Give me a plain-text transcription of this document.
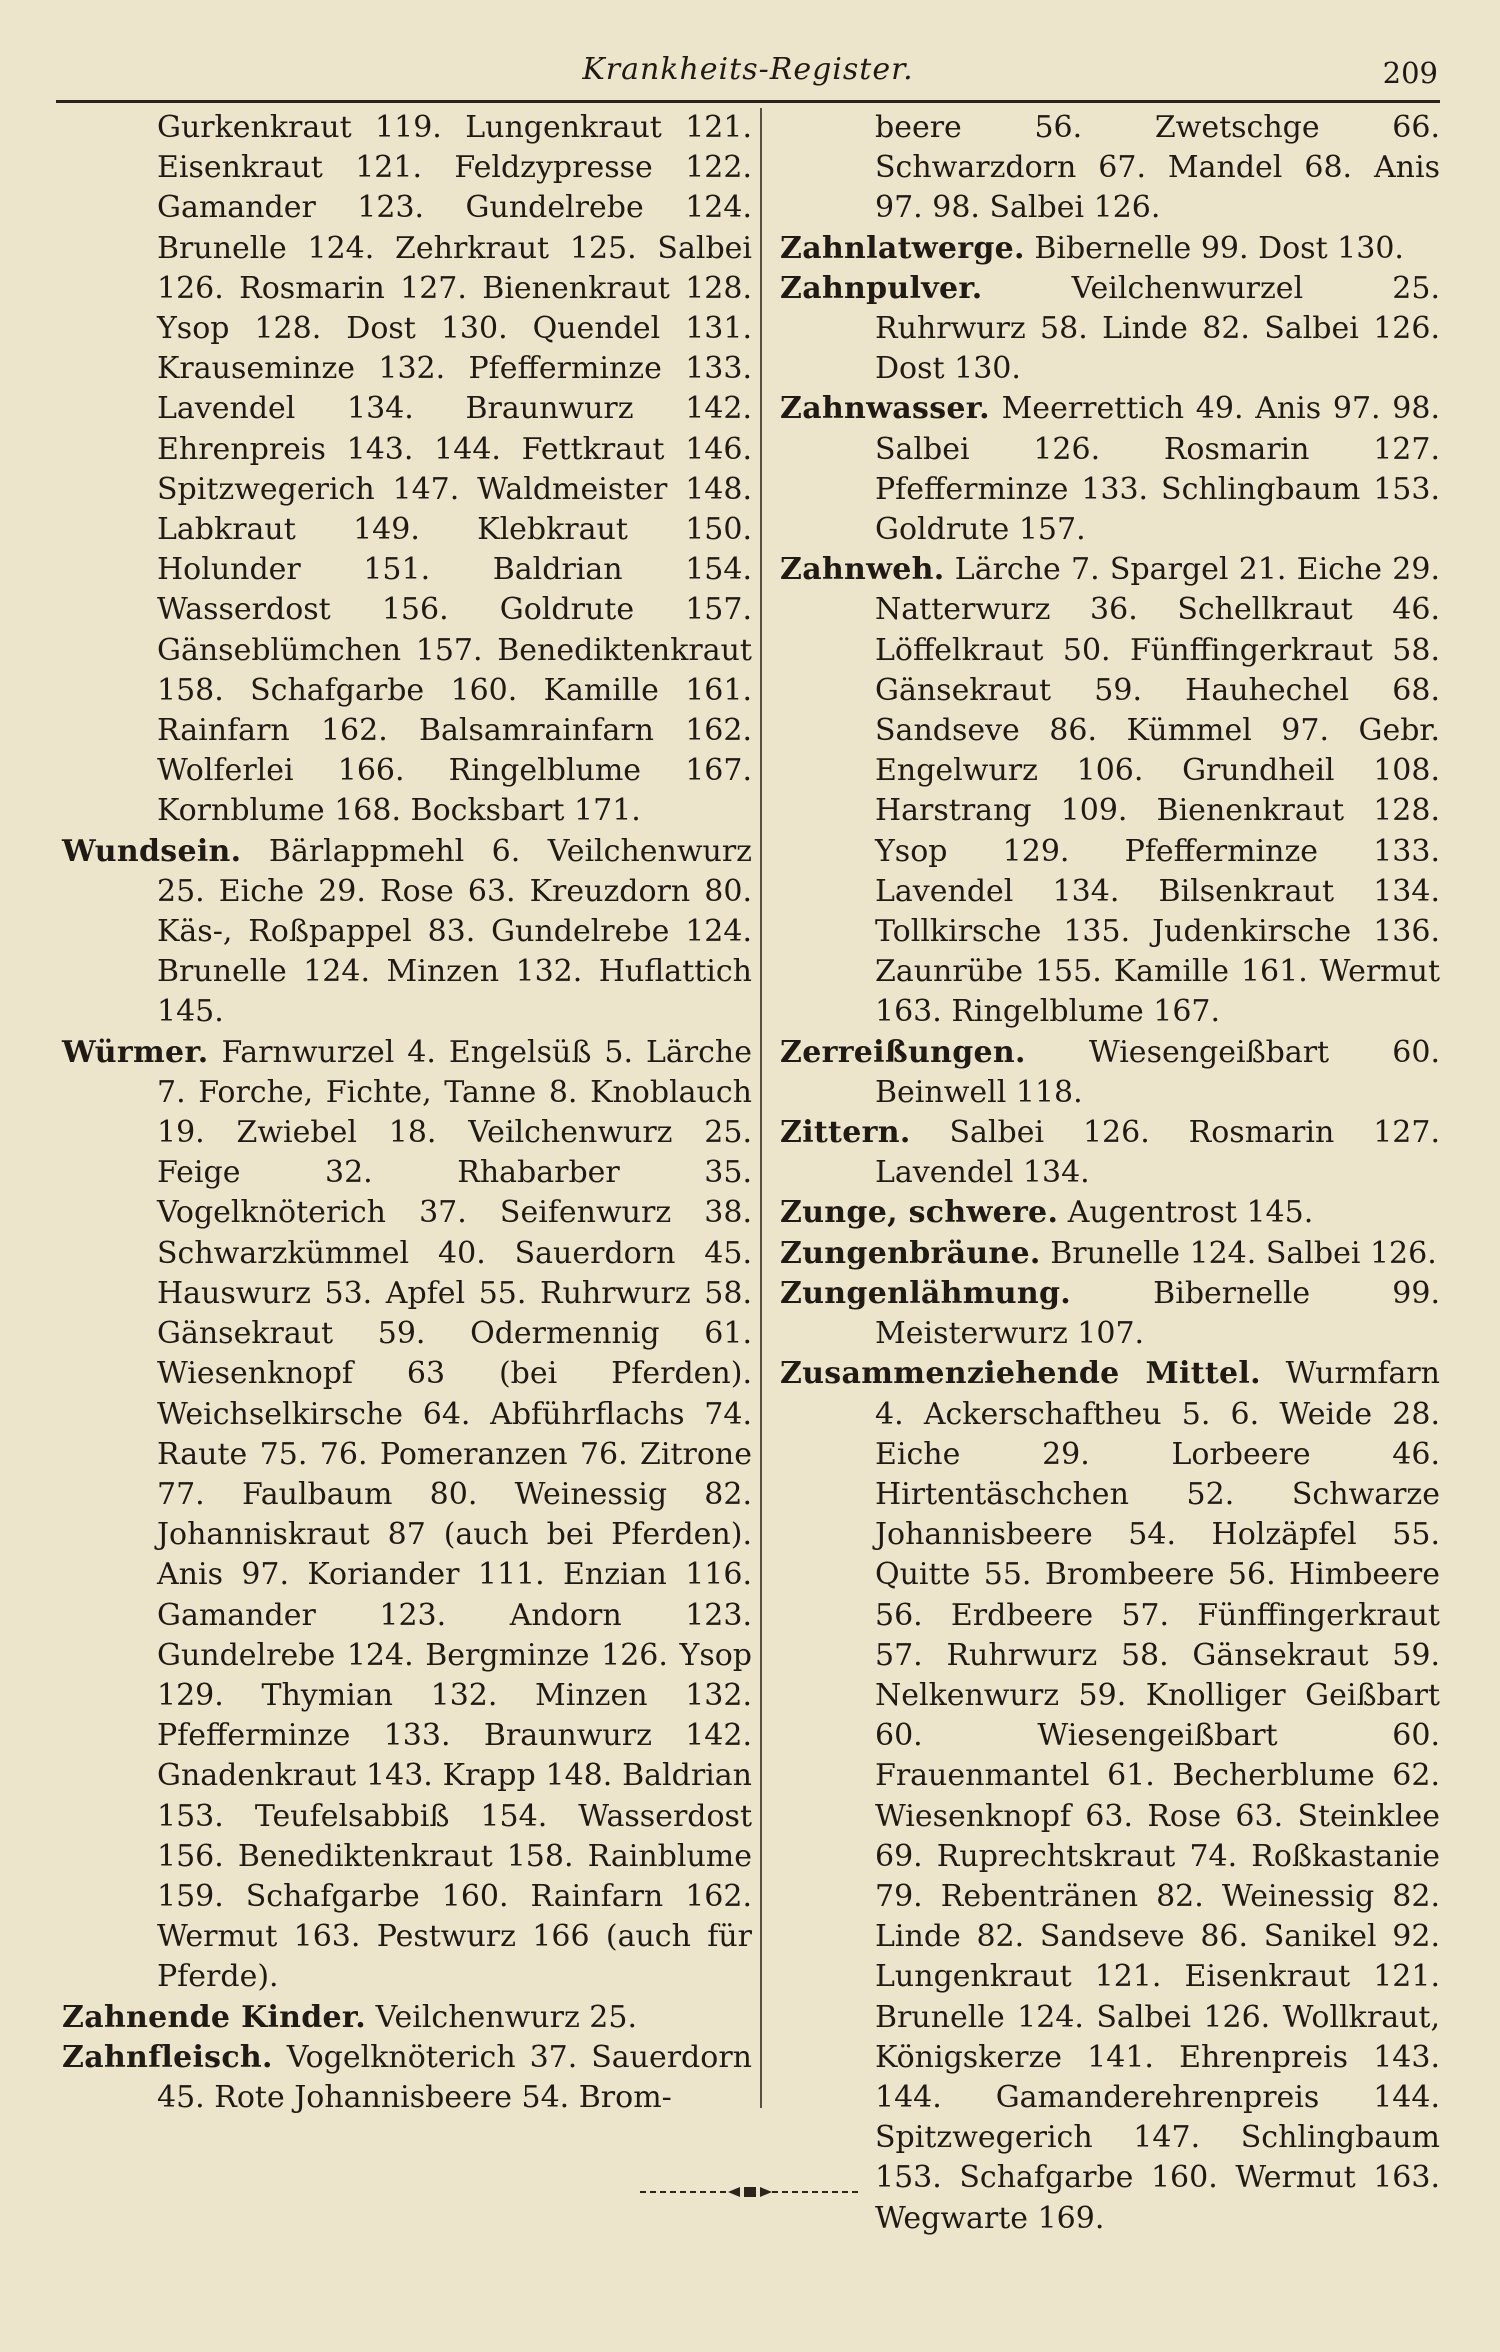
Krankheits-Register.	209
Gurkenkraut 119. Lungenkraut 121. Eisenkraut 121. Feldzypresse 122. Gamander 123. Gundelrebe 124. Brunelle 124. Zehrkraut 125. Salbei 126. Rosmarin 127. Bienenkraut 128. Ysop 128. Dost 130. Quendel 131. Krauseminze 132. Pfefferminze 133. Lavendel 134. Braunwurz 142. Ehrenpreis 143. 144. Fettkraut 146. Spitzwegerich 147. Waldmeister 148. Labkraut 149. Klebkraut 150. Holunder 151. Baldrian 154. Wasserdost 156. Goldrute 157. Gänseblümchen 157. Benediktenkraut 158. Schafgarbe 160. Kamille 161. Rainfarn 162. Balsamrainfarn 162. Wolferlei 166. Ringelblume 167. Kornblume 168. Bocksbart 171.
Wundsein. Bärlappmehl 6. Veilchenwurz 25. Eiche 29. Rose 63. Kreuzdorn 80. Käs-, Roßpappel 83. Gundelrebe 124. Brunelle 124. Minzen 132. Huflattich 145.
Würmer. Farnwurzel 4. Engelsüß 5. Lärche 7. Forche, Fichte, Tanne 8. Knoblauch 19. Zwiebel 18. Veilchenwurz 25. Feige 32. Rhabarber 35. Vogelknöterich 37. Seifenwurz 38. Schwarzkümmel 40. Sauerdorn 45. Hauswurz 53. Apfel 55. Ruhrwurz 58. Gänsekraut 59. Odermennig 61. Wiesenknopf 63 (bei Pferden). Weichselkirsche 64. Abführflachs 74. Raute 75. 76. Pomeranzen 76. Zitrone 77. Faulbaum 80. Weinessig 82. Johanniskraut 87 (auch bei Pferden). Anis 97. Koriander 111. Enzian 116. Gamander 123. Andorn 123. Gundelrebe 124. Bergminze 126. Ysop 129. Thymian 132. Minzen 132. Pfefferminze 133. Braunwurz 142. Gnadenkraut 143. Krapp 148. Baldrian 153. Teufelsabbiß 154. Wasserdost 156. Benediktenkraut 158. Rainblume 159. Schafgarbe 160. Rainfarn 162. Wermut 163. Pestwurz 166 (auch für Pferde).
Zahnende Kinder. Veilchenwurz 25.
Zahnfleisch. Vogelknöterich 37. Sauerdorn 45. Rote Johannisbeere 54. Brom-
beere 56. Zwetschge 66. Schwarzdorn 67. Mandel 68. Anis 97. 98. Salbei 126.
Zahnlatwerge. Bibernelle 99. Dost 130.
Zahnpulver.	Veilchenwurzel 25. Ruhrwurz 58. Linde 82. Salbei 126. Dost 130.
Zahnwasser. Meerrettich 49. Anis 97. 98. Salbei 126. Rosmarin 127. Pfefferminze 133. Schlingbaum 153. Goldrute 157.
Zahnweh. Lärche 7. Spargel 21. Eiche 29. Natterwurz 36. Schellkraut 46. Löffelkraut 50. Fünffingerkraut 58. Gänsekraut 59. Hauhechel 68. Sandseve 86. Kümmel 97. Gebr. Engelwurz 106. Grundheil 108. Harstrang 109. Bienenkraut 128. Ysop 129. Pfefferminze 133. Lavendel 134. Bilsenkraut 134. Tollkirsche 135. Judenkirsche 136. Zaunrübe 155. Kamille 161. Wermut 163. Ringelblume 167.
Zerreißungen. Wiesengeißbart 60. Beinwell 118.
Zittern. Salbei 126. Rosmarin 127. Lavendel 134.
Zunge, schwere. Augentrost 145.
Zungenbräune. Brunelle 124. Salbei 126.
Zungenlähmung.	Bibernelle 99. Meisterwurz 107.
Zusammenziehende Mittel. Wurmfarn 4. Ackerschaftheu 5. 6. Weide 28. Eiche 29. Lorbeere 46. Hirtentäschchen 52. Schwarze Johannisbeere 54. Holzäpfel 55. Quitte 55. Brombeere 56. Himbeere 56. Erdbeere 57. Fünffingerkraut 57. Ruhrwurz 58. Gänsekraut 59. Nelkenwurz 59. Knolliger Geißbart 60. Wiesengeißbart 60. Frauenmantel 61. Becherblume 62. Wiesenknopf 63. Rose 63. Steinklee 69. Ruprechtskraut 74. Roßkastanie 79. Rebentränen 82. Weinessig 82. Linde 82. Sandseve 86. Sanikel 92. Lungenkraut 121. Eisenkraut 121. Brunelle 124. Salbei 126. Wollkraut, Königskerze 141. Ehrenpreis 143. 144. Gamanderehrenpreis 144. Spitzwegerich 147. Schlingbaum 153. Schafgarbe 160. Wermut 163. Wegwarte 169.
